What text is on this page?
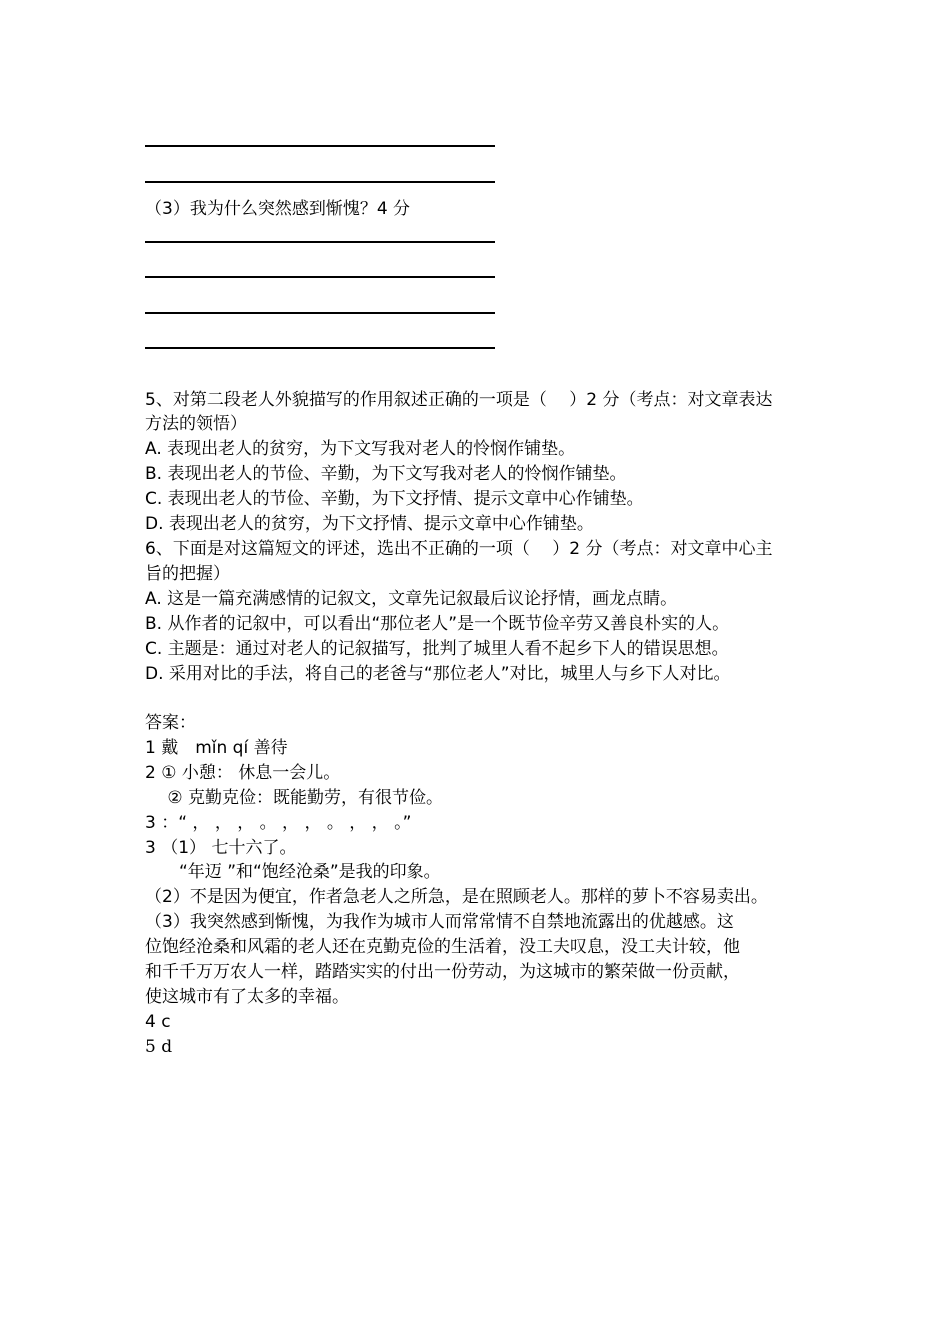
（3）我为什么突然感到惭愧？4 分
5、对第二段老人外貌描写的作用叙述正确的一项是（　 ）2 分（考点：对文章表达
方法的领悟）
A. 表现出老人的贫穷，为下文写我对老人的怜悯作铺垫。
B. 表现出老人的节俭、辛勤，为下文写我对老人的怜悯作铺垫。
C. 表现出老人的节俭、辛勤，为下文抒情、提示文章中心作铺垫。
D. 表现出老人的贫穷，为下文抒情、提示文章中心作铺垫。
6、下面是对这篇短文的评述，选出不正确的一项（　 ）2 分（考点：对文章中心主
旨的把握）
A. 这是一篇充满感情的记叙文，文章先记叙最后议论抒情，画龙点睛。
B. 从作者的记叙中，可以看出“那位老人”是一个既节俭辛劳又善良朴实的人。
C. 主题是：通过对老人的记叙描写，批判了城里人看不起乡下人的错误思想。
D. 采用对比的手法，将自己的老爸与“那位老人”对比，城里人与乡下人对比。
答案：
1 戴　mǐn qí 善待
2 ① 小憩： 休息一会儿。
　 ② 克勤克俭：既能勤劳，有很节俭。
3 ：“ ， ， ， 。 ， ， 。 ， ， 。”
3 （1） 七十六了。
　　“年迈 ”和“饱经沧桑”是我的印象。
（2）不是因为便宜，作者急老人之所急，是在照顾老人。那样的萝卜不容易卖出。
（3）我突然感到惭愧，为我作为城市人而常常情不自禁地流露出的优越感。这
位饱经沧桑和风霜的老人还在克勤克俭的生活着，没工夫叹息，没工夫计较，他
和千千万万农人一样，踏踏实实的付出一份劳动，为这城市的繁荣做一份贡献，
使这城市有了太多的幸福。
4 c
5 d
